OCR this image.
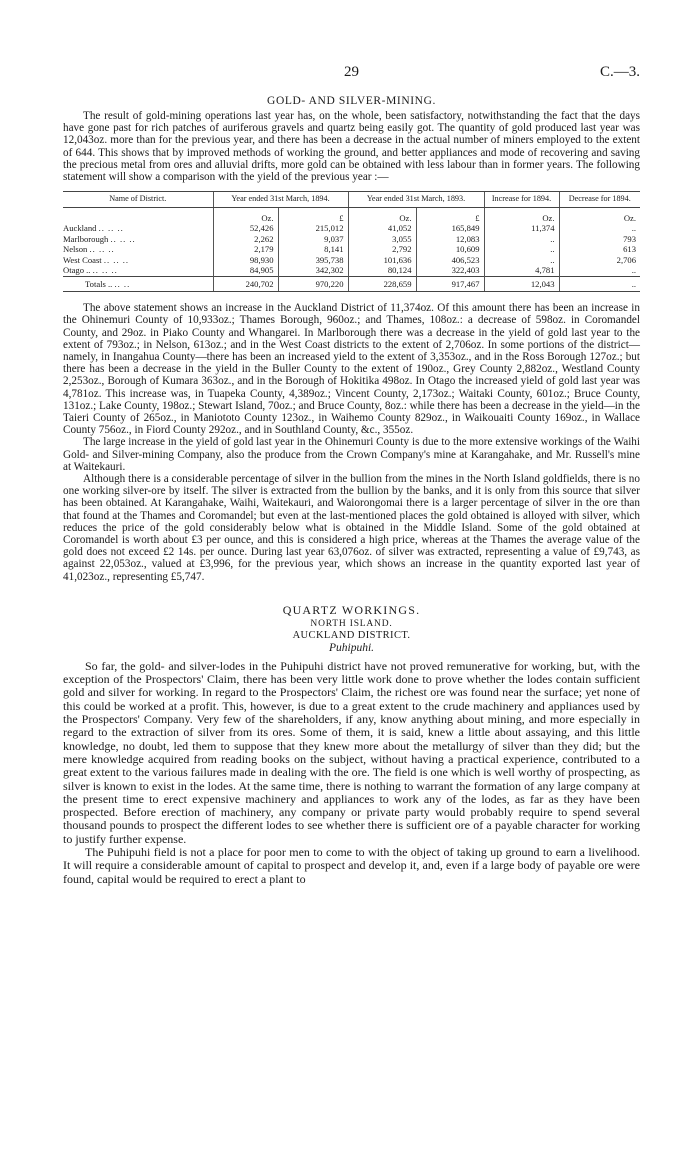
29	C.—3.
GOLD- AND SILVER-MINING.

The result of gold-mining operations last year has, on the whole, been satisfactory, notwithstanding the fact that the days have gone past for rich patches of auriferous gravels and quartz being easily got. The quantity of gold produced last year was 12,043oz. more than for the previous year, and there has been a decrease in the actual number of miners employed to the extent of 644. This shows that by improved methods of working the ground, and better appliances and mode of recovering and saving the precious metal from ores and alluvial drifts, more gold can be obtained with less labour than in former years. The following statement will show a comparison with the yield of the previous year :—

Name of District.	Year ended 31st March, 1894.		Year ended 31st March, 1893.		Increase for 1894.	Decrease for 1894.
	Oz.	£	Oz.	£	Oz.	Oz.
Auckland .. .. ..	52,426	215,012	41,052	165,849	11,374	..
Marlborough .. .. ..	2,262	9,037	3,055	12,083	..	793
Nelson .. .. ..	2,179	8,141	2,792	10,609	..	613
West Coast .. .. ..	98,930	395,738	101,636	406,523	..	2,706
Otago .. .. .. ..	84,905	342,302	80,124	322,403	4,781	..
Totals .. .. ..	240,702	970,220	228,659	917,467	12,043	..

The above statement shows an increase in the Auckland District of 11,374oz. Of this amount there has been an increase in the Ohinemuri County of 10,933oz.; Thames Borough, 960oz.; and Thames, 108oz.: a decrease of 598oz. in Coromandel County, and 29oz. in Piako County and Whangarei. In Marlborough there was a decrease in the yield of gold last year to the extent of 793oz.; in Nelson, 613oz.; and in the West Coast districts to the extent of 2,706oz. In some portions of the district—namely, in Inangahua County—there has been an increased yield to the extent of 3,353oz., and in the Ross Borough 127oz.; but there has been a decrease in the yield in the Buller County to the extent of 190oz., Grey County 2,882oz., Westland County 2,253oz., Borough of Kumara 363oz., and in the Borough of Hokitika 498oz. In Otago the increased yield of gold last year was 4,781oz. This increase was, in Tuapeka County, 4,389oz.; Vincent County, 2,173oz.; Waitaki County, 601oz.; Bruce County, 131oz.; Lake County, 198oz.; Stewart Island, 70oz.; and Bruce County, 8oz.: while there has been a decrease in the yield—in the Taieri County of 265oz., in Maniototo County 123oz., in Waihemo County 829oz., in Waikouaiti County 169oz., in Wallace County 756oz., in Fiord County 292oz., and in Southland County, &c., 355oz.

The large increase in the yield of gold last year in the Ohinemuri County is due to the more extensive workings of the Waihi Gold- and Silver-mining Company, also the produce from the Crown Company's mine at Karangahake, and Mr. Russell's mine at Waitekauri.

Although there is a considerable percentage of silver in the bullion from the mines in the North Island goldfields, there is no one working silver-ore by itself. The silver is extracted from the bullion by the banks, and it is only from this source that silver has been obtained. At Karangahake, Waihi, Waitekauri, and Waiorongomai there is a larger percentage of silver in the ore than that found at the Thames and Coromandel; but even at the last-mentioned places the gold obtained is alloyed with silver, which reduces the price of the gold considerably below what is obtained in the Middle Island. Some of the gold obtained at Coromandel is worth about £3 per ounce, and this is considered a high price, whereas at the Thames the average value of the gold does not exceed £2 14s. per ounce. During last year 63,076oz. of silver was extracted, representing a value of £9,743, as against 22,053oz., valued at £3,996, for the previous year, which shows an increase in the quantity exported last year of 41,023oz., representing £5,747.

QUARTZ WORKINGS.
NORTH ISLAND.
AUCKLAND DISTRICT.
Puhipuhi.

So far, the gold- and silver-lodes in the Puhipuhi district have not proved remunerative for working, but, with the exception of the Prospectors' Claim, there has been very little work done to prove whether the lodes contain sufficient gold and silver for working. In regard to the Prospectors' Claim, the richest ore was found near the surface; yet none of this could be worked at a profit. This, however, is due to a great extent to the crude machinery and appliances used by the Prospectors' Company. Very few of the shareholders, if any, know anything about mining, and more especially in regard to the extraction of silver from its ores. Some of them, it is said, knew a little about assaying, and this little knowledge, no doubt, led them to suppose that they knew more about the metallurgy of silver than they did; but the mere knowledge acquired from reading books on the subject, without having a practical experience, contributed to a great extent to the various failures made in dealing with the ore. The field is one which is well worthy of prospecting, as silver is known to exist in the lodes. At the same time, there is nothing to warrant the formation of any large company at the present time to erect expensive machinery and appliances to work any of the lodes, as far as they have been prospected. Before erection of machinery, any company or private party would probably require to spend several thousand pounds to prospect the different lodes to see whether there is sufficient ore of a payable character for working to justify further expense.

The Puhipuhi field is not a place for poor men to come to with the object of taking up ground to earn a livelihood. It will require a considerable amount of capital to prospect and develop it, and, even if a large body of payable ore were found, capital would be required to erect a plant to
